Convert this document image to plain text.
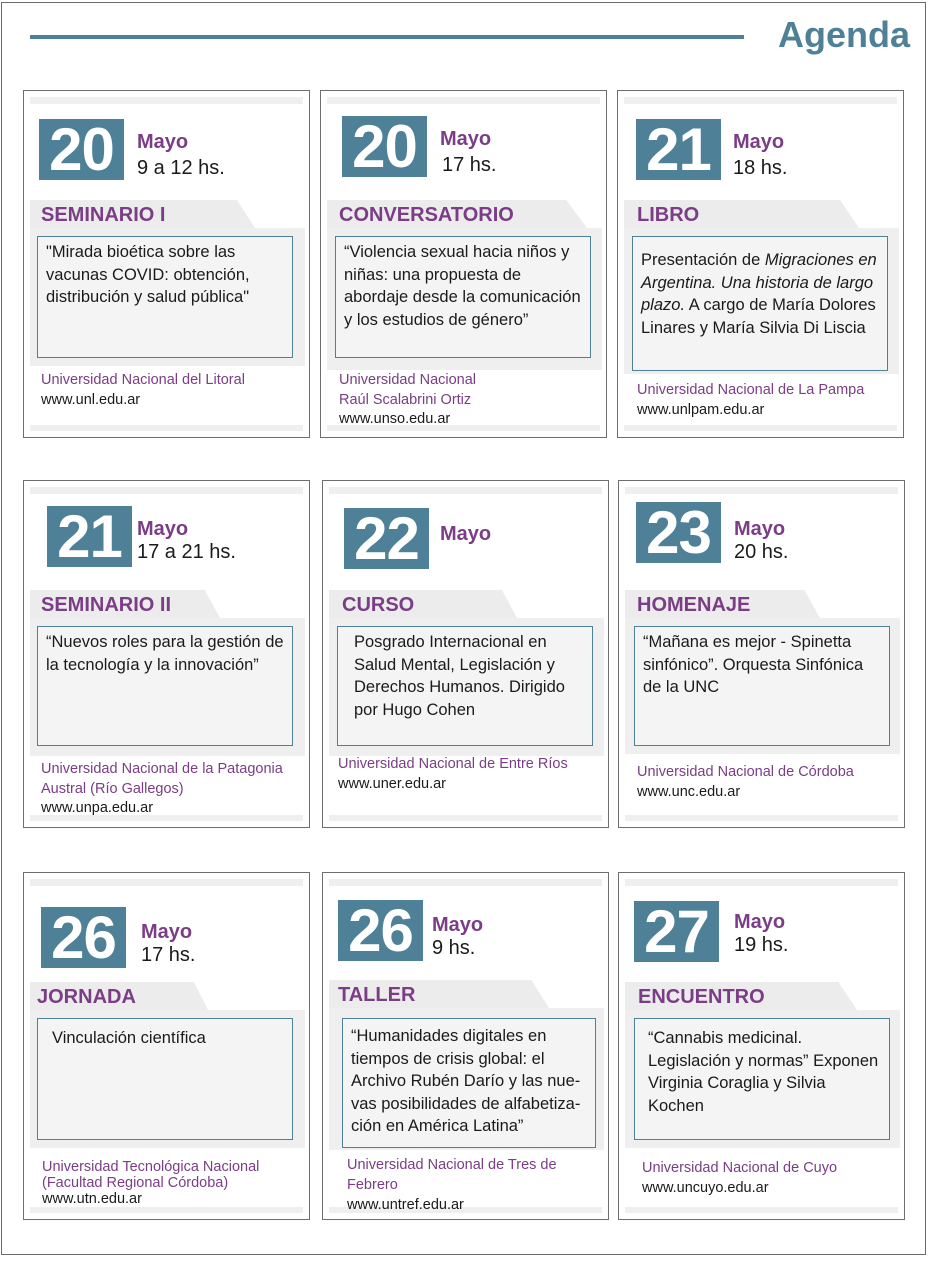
Agenda
20	Mayo
9 a 12 hs.
SEMINARIO I
"Mirada bioética sobre las vacunas COVID: obtención, distribución y salud pública"
Universidad Nacional del Litoral
www.unl.edu.ar
20	Mayo
17 hs.
CONVERSATORIO
“Violencia sexual hacia niños y niñas: una propuesta de abordaje desde la comunicación y los estudios de género”
Universidad Nacional
Raúl Scalabrini Ortiz
www.unso.edu.ar
21	Mayo
18 hs.
LIBRO
Presentación de Migraciones en Argentina. Una historia de largo plazo. A cargo de María Dolores Linares y María Silvia Di Liscia
Universidad Nacional de La Pampa
www.unlpam.edu.ar
21 Mayo
17 a 21 hs.
SEMINARIO II
“Nuevos roles para la gestión de la tecnología y la innovación”
Universidad Nacional de la Patagonia
Austral (Río Gallegos)
www.unpa.edu.ar
22	Mayo
CURSO
Posgrado Internacional en Salud Mental, Legislación y Derechos Humanos. Dirigido por Hugo Cohen
Universidad Nacional de Entre Ríos
www.uner.edu.ar
23	Mayo
20 hs.
HOMENAJE
“Mañana es mejor - Spinetta sinfónico”. Orquesta Sinfónica de la UNC
Universidad Nacional de Córdoba
www.unc.edu.ar
26	Mayo
17 hs.
JORNADA
Vinculación científica
Universidad Tecnológica Nacional
(Facultad Regional Córdoba)
www.utn.edu.ar
26 Mayo
9 hs.
TALLER
“Humanidades digitales en tiempos de crisis global: el Archivo Rubén Darío y las nue-vas posibilidades de alfabetiza-ción en América Latina”
Universidad Nacional de Tres de
Febrero
www.untref.edu.ar
27	Mayo
19 hs.
ENCUENTRO
“Cannabis medicinal. Legislación y normas” Exponen Virginia Coraglia y Silvia Kochen
Universidad Nacional de Cuyo
www.uncuyo.edu.ar
